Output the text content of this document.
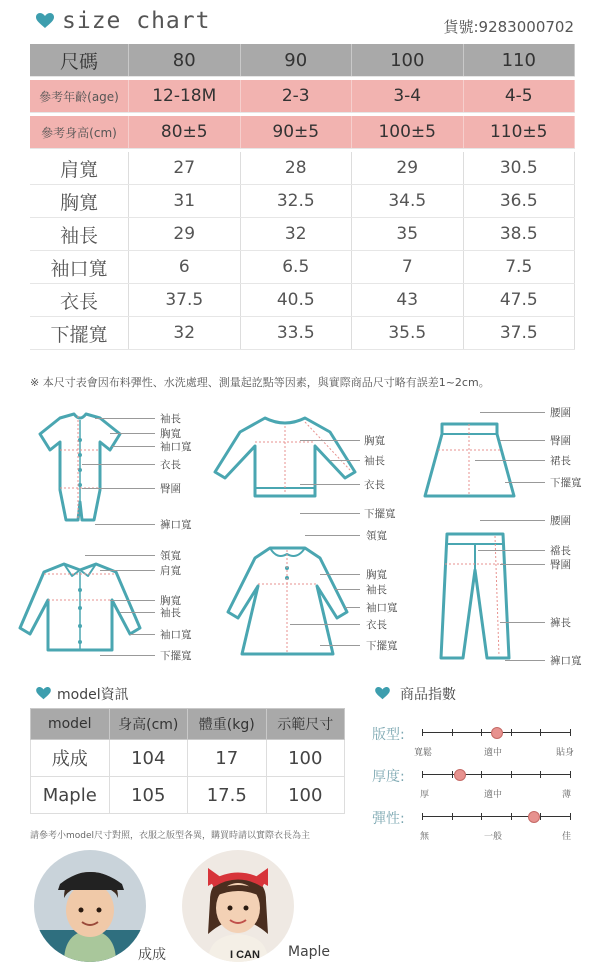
size chart	貨號:9283000702
尺碼	80	90	100	110

參考年齡(age)	12-18M	2-3	3-4	4-5

參考身高(cm)	80±5	90±5	100±5	110±5

肩寬	27	28	29	30.5
胸寬	31	32.5	34.5	36.5
袖長	29	32	35	38.5
袖口寬	6	6.5	7	7.5
衣長	37.5	40.5	43	47.5
下擺寬	32	33.5	35.5	37.5
※ 本尺寸表會因布料彈性、水洗處理、測量起訖點等因素，與實際商品尺寸略有誤差1~2cm。
袖長
胸寬
袖口寬
衣長
臀圍
褲口寬
胸寬
袖長
衣長
下擺寬
腰圍
臀圍
裙長
下擺寬
領寬
肩寬
胸寬
袖長
袖口寬
下擺寬
領寬
胸寬
袖長
袖口寬
衣長
下擺寬
腰圍
襠長
臀圍
褲長
褲口寬
model資訊
model	身高(cm)	體重(kg)	示範尺寸
成成	104	17	100
Maple	105	17.5	100
請參考小model尺寸對照，衣服之版型各異，購買時請以實際衣長為主
商品指數
版型:
寬鬆	適中	貼身
厚度:
厚	適中	薄
彈性:
無	一般	佳
成成	I CAN Maple
